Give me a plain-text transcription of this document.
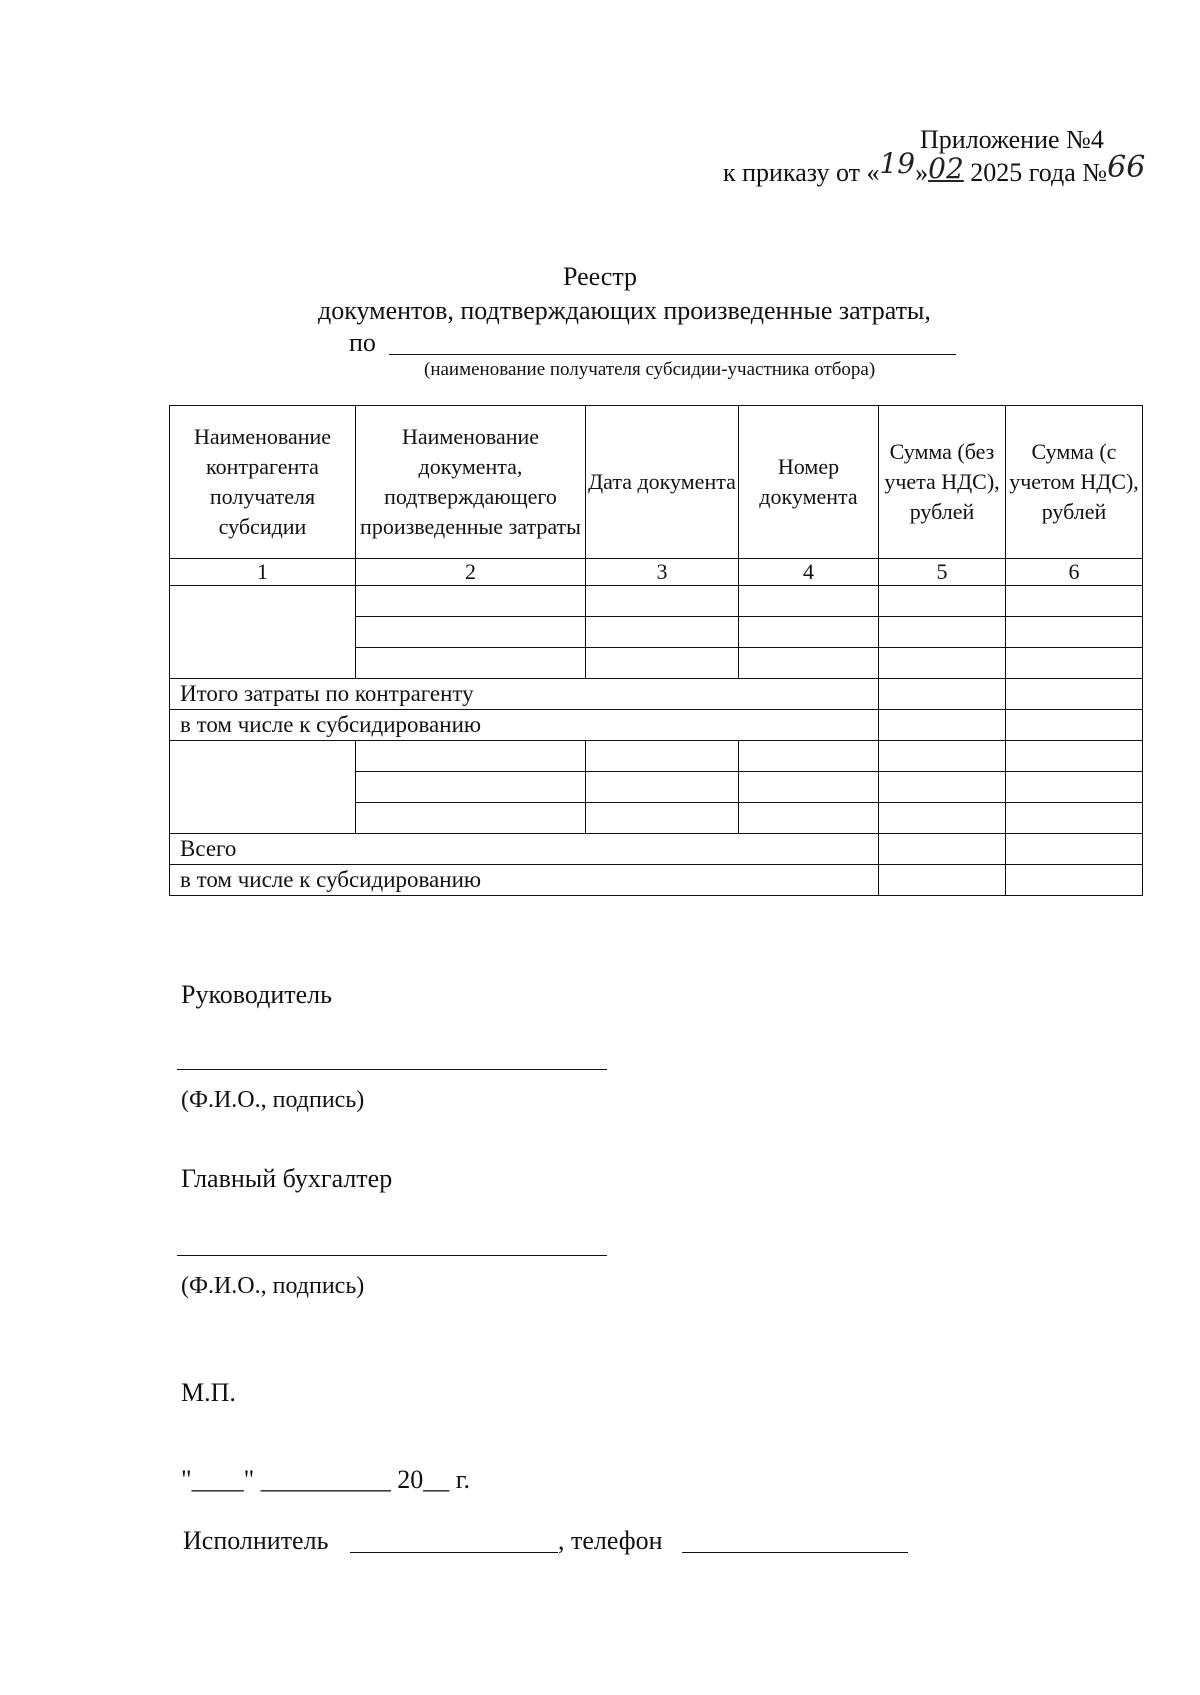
Приложение №4
к приказу от «19»02 2025 года №66
Реестр
документов, подтверждающих произведенные затраты,
по
(наименование получателя субсидии-участника отбора)
Наименование контрагента получателя субсидии	Наименование документа, подтверждающего произведенные затраты	Дата документа	Номер документа	Сумма (без учета НДС), рублей	Сумма (с учетом НДС), рублей
1	2	3	4	5	6

Итого затраты по контрагенту					
в том числе к субсидированию					

Всего					
в том числе к субсидированию					
Руководитель
(Ф.И.О., подпись)
Главный бухгалтер
(Ф.И.О., подпись)
М.П.
"____" __________ 20__ г.
Исполнитель	, телефон
